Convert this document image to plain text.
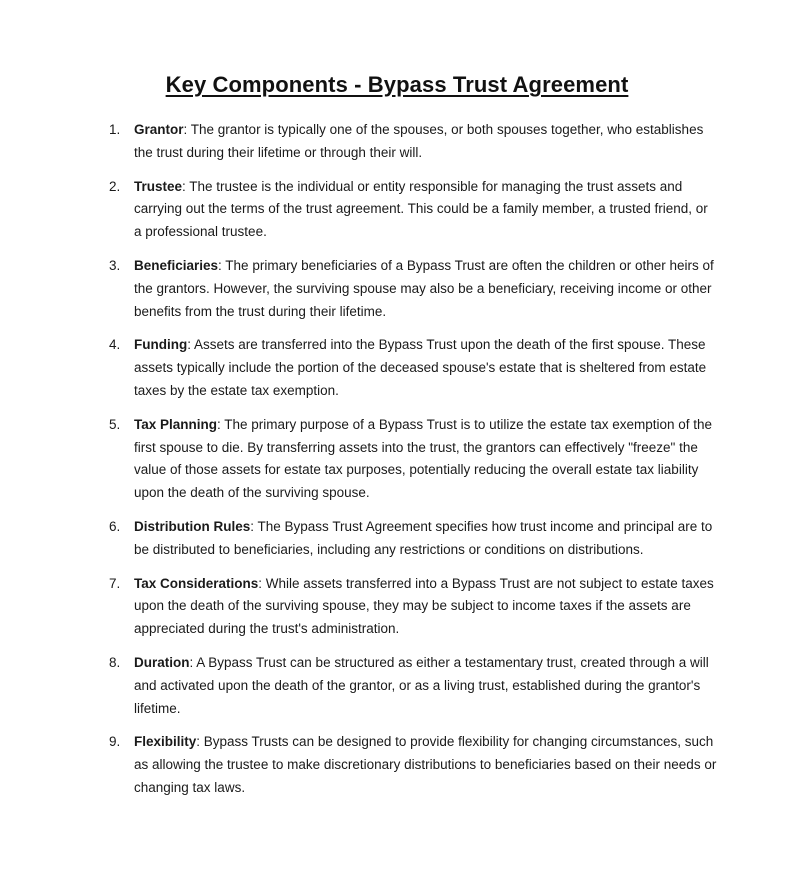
Key Components - Bypass Trust Agreement
1. Grantor: The grantor is typically one of the spouses, or both spouses together, who establishes the trust during their lifetime or through their will.
2. Trustee: The trustee is the individual or entity responsible for managing the trust assets and carrying out the terms of the trust agreement. This could be a family member, a trusted friend, or a professional trustee.
3. Beneficiaries: The primary beneficiaries of a Bypass Trust are often the children or other heirs of the grantors. However, the surviving spouse may also be a beneficiary, receiving income or other benefits from the trust during their lifetime.
4. Funding: Assets are transferred into the Bypass Trust upon the death of the first spouse. These assets typically include the portion of the deceased spouse's estate that is sheltered from estate taxes by the estate tax exemption.
5. Tax Planning: The primary purpose of a Bypass Trust is to utilize the estate tax exemption of the first spouse to die. By transferring assets into the trust, the grantors can effectively "freeze" the value of those assets for estate tax purposes, potentially reducing the overall estate tax liability upon the death of the surviving spouse.
6. Distribution Rules: The Bypass Trust Agreement specifies how trust income and principal are to be distributed to beneficiaries, including any restrictions or conditions on distributions.
7. Tax Considerations: While assets transferred into a Bypass Trust are not subject to estate taxes upon the death of the surviving spouse, they may be subject to income taxes if the assets are appreciated during the trust's administration.
8. Duration: A Bypass Trust can be structured as either a testamentary trust, created through a will and activated upon the death of the grantor, or as a living trust, established during the grantor's lifetime.
9. Flexibility: Bypass Trusts can be designed to provide flexibility for changing circumstances, such as allowing the trustee to make discretionary distributions to beneficiaries based on their needs or changing tax laws.
